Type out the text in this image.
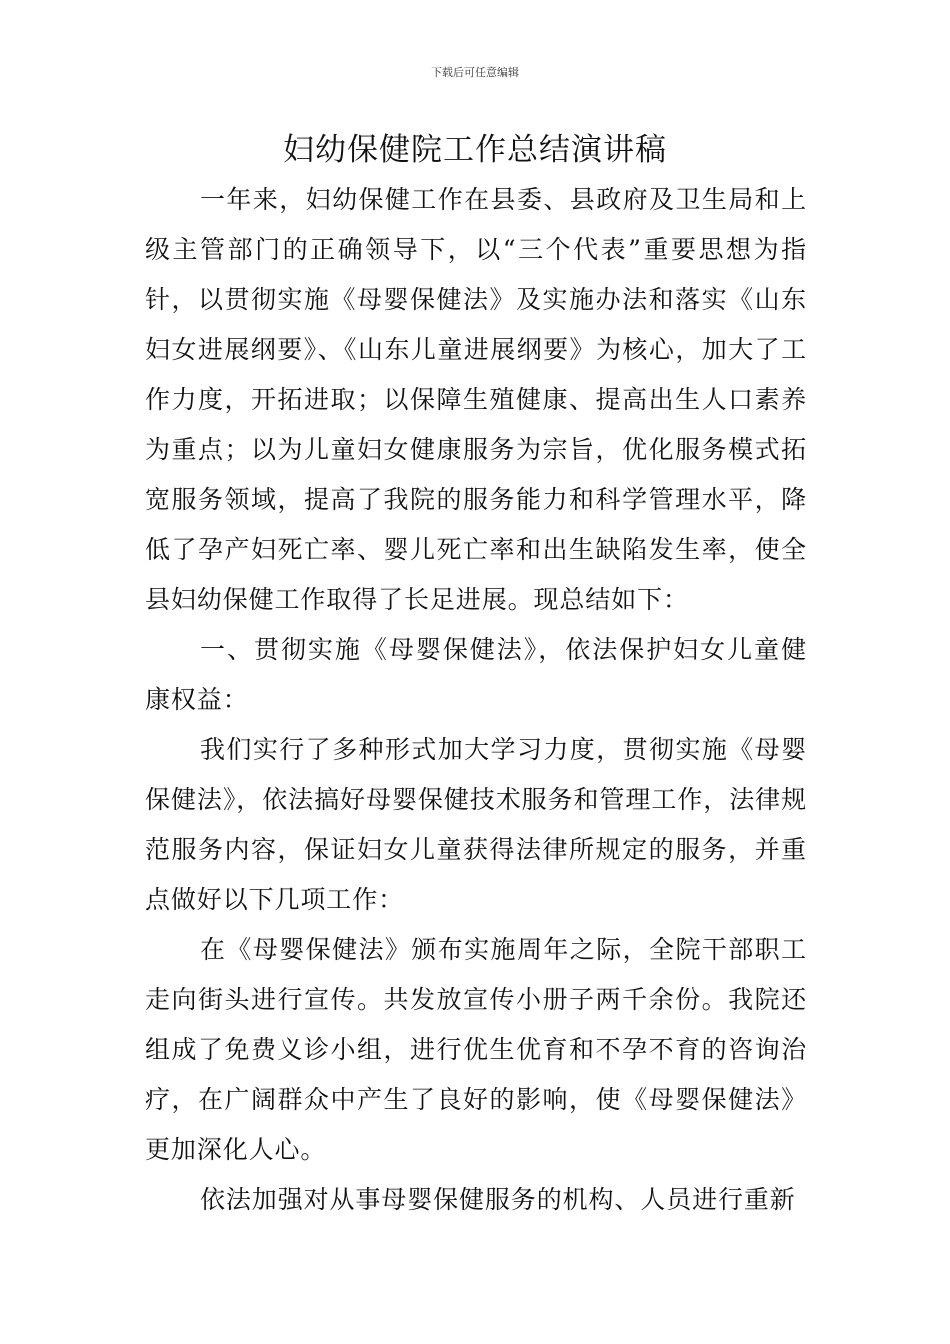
下载后可任意编辑
妇幼保健院工作总结演讲稿

一年来，妇幼保健工作在县委、县政府及卫生局和上级主管部门的正确领导下，以“三个代表”重要思想为指针，以贯彻实施《母婴保健法》及实施办法和落实《山东妇女进展纲要》、《山东儿童进展纲要》为核心，加大了工作力度，开拓进取；以保障生殖健康、提高出生人口素养为重点；以为儿童妇女健康服务为宗旨，优化服务模式拓宽服务领域，提高了我院的服务能力和科学管理水平，降低了孕产妇死亡率、婴儿死亡率和出生缺陷发生率，使全县妇幼保健工作取得了长足进展。现总结如下：

一、贯彻实施《母婴保健法》，依法保护妇女儿童健康权益：

我们实行了多种形式加大学习力度，贯彻实施《母婴保健法》，依法搞好母婴保健技术服务和管理工作，法律规范服务内容，保证妇女儿童获得法律所规定的服务，并重点做好以下几项工作：

在《母婴保健法》颁布实施周年之际，全院干部职工走向街头进行宣传。共发放宣传小册子两千余份。我院还组成了免费义诊小组，进行优生优育和不孕不育的咨询治疗，在广阔群众中产生了良好的影响，使《母婴保健法》更加深化人心。

依法加强对从事母婴保健服务的机构、人员进行重新
